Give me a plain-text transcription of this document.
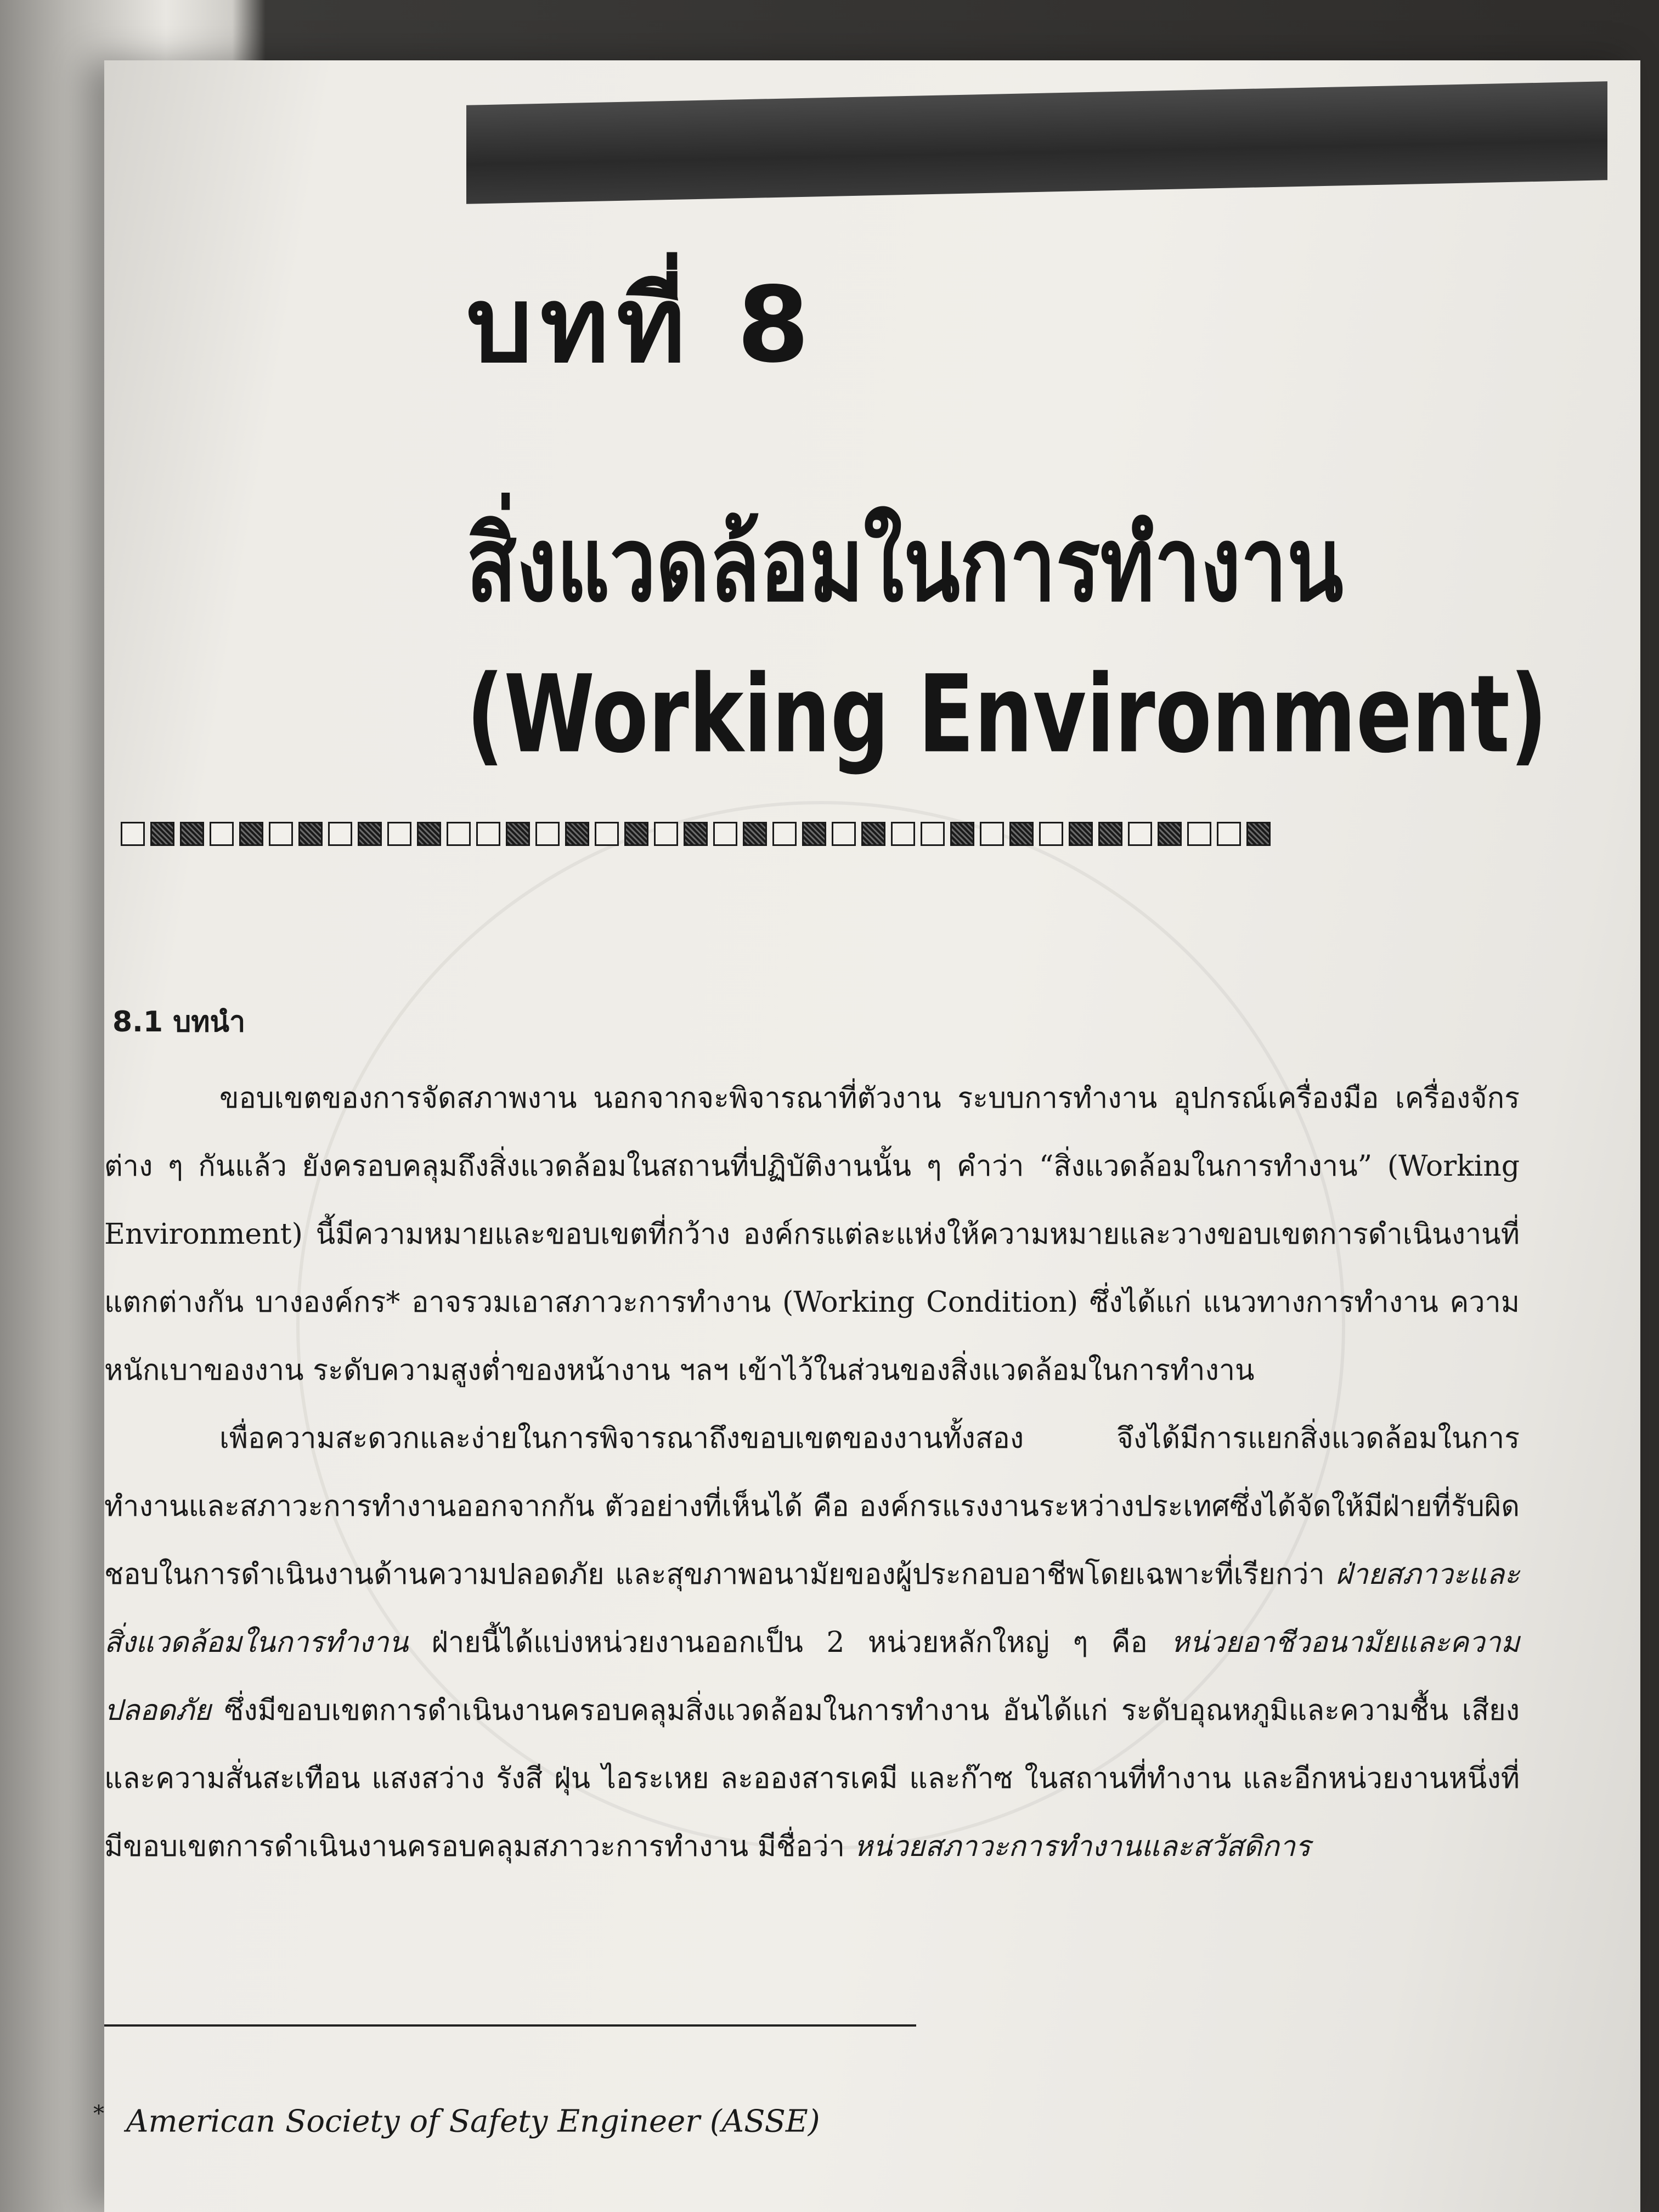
บทที่ 8
สิ่งแวดล้อมในการทำงาน
(Working Environment)
8.1 บทนำ

ขอบเขตของการจัดสภาพงาน นอกจากจะพิจารณาที่ตัวงาน ระบบการทำงาน อุปกรณ์เครื่องมือ เครื่องจักรต่าง ๆ กันแล้ว ยังครอบคลุมถึงสิ่งแวดล้อมในสถานที่ปฏิบัติงานนั้น ๆ คำว่า “สิ่งแวดล้อมในการทำงาน” (Working Environment) นี้มีความหมายและขอบเขตที่กว้าง องค์กรแต่ละแห่งให้ความหมายและวางขอบเขตการดำเนินงานที่แตกต่างกัน บางองค์กร* อาจรวมเอาสภาวะการทำงาน (Working Condition) ซึ่งได้แก่ แนวทางการทำงาน ความหนักเบาของงาน ระดับความสูงต่ำของหน้างาน ฯลฯ เข้าไว้ในส่วนของสิ่งแวดล้อมในการทำงาน

เพื่อความสะดวกและง่ายในการพิจารณาถึงขอบเขตของงานทั้งสอง จึงได้มีการแยกสิ่งแวดล้อมในการทำงานและสภาวะการทำงานออกจากกัน ตัวอย่างที่เห็นได้ คือ องค์กรแรงงานระหว่างประเทศซึ่งได้จัดให้มีฝ่ายที่รับผิดชอบในการดำเนินงานด้านความปลอดภัย และสุขภาพอนามัยของผู้ประกอบอาชีพโดยเฉพาะที่เรียกว่า ฝ่ายสภาวะและสิ่งแวดล้อมในการทำงาน ฝ่ายนี้ได้แบ่งหน่วยงานออกเป็น 2 หน่วยหลักใหญ่ ๆ คือ หน่วยอาชีวอนามัยและความปลอดภัย ซึ่งมีขอบเขตการดำเนินงานครอบคลุมสิ่งแวดล้อมในการทำงาน อันได้แก่ ระดับอุณหภูมิและความชื้น เสียงและความสั่นสะเทือน แสงสว่าง รังสี ฝุ่น ไอระเหย ละอองสารเคมี และก๊าซ ในสถานที่ทำงาน และอีกหน่วยงานหนึ่งที่มีขอบเขตการดำเนินงานครอบคลุมสภาวะการทำงาน มีชื่อว่า หน่วยสภาวะการทำงานและสวัสดิการ

* American Society of Safety Engineer (ASSE)
